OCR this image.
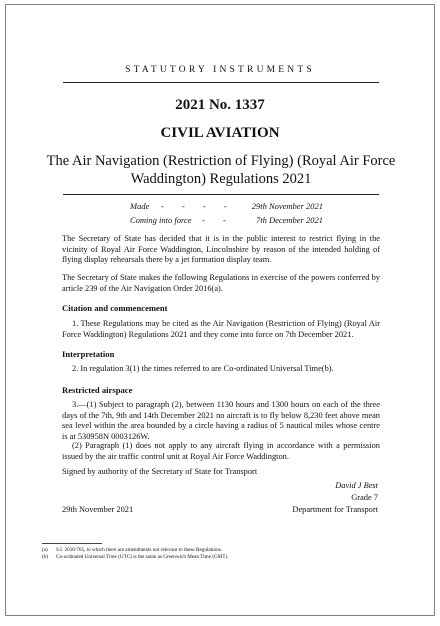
STATUTORY INSTRUMENTS
2021 No. 1337
CIVIL AVIATION
The Air Navigation (Restriction of Flying) (Royal Air Force
Waddington) Regulations 2021
Made - - - - 29th November 2021
Coming into force - -	7th December 2021
The Secretary of State has decided that it is in the public interest to restrict flying in the vicinity of Royal Air Force Waddington, Lincolnshire by reason of the intended holding of flying display rehearsals there by a jet formation display team.
The Secretary of State makes the following Regulations in exercise of the powers conferred by article 239 of the Air Navigation Order 2016(a).
Citation and commencement
1. These Regulations may be cited as the Air Navigation (Restriction of Flying) (Royal Air Force Waddington) Regulations 2021 and they come into force on 7th December 2021.
Interpretation
2. In regulation 3(1) the times referred to are Co-ordinated Universal Time(b).
Restricted airspace
3.—(1) Subject to paragraph (2), between 1130 hours and 1300 hours on each of the three days of the 7th, 9th and 14th December 2021 no aircraft is to fly below 8,230 feet above mean sea level within the area bounded by a circle having a radius of 5 nautical miles whose centre is at 530958N 0003126W.
(2) Paragraph (1) does not apply to any aircraft flying in accordance with a permission issued by the air traffic control unit at Royal Air Force Waddington.
Signed by authority of the Secretary of State for Transport
David J Best
Grade 7
29th November 2021	Department for Transport
(a) S.I. 2016/765, to which there are amendments not relevant to these Regulations.
(b) Co-ordinated Universal Time (UTC) is the same as Greenwich Mean Time (GMT).
